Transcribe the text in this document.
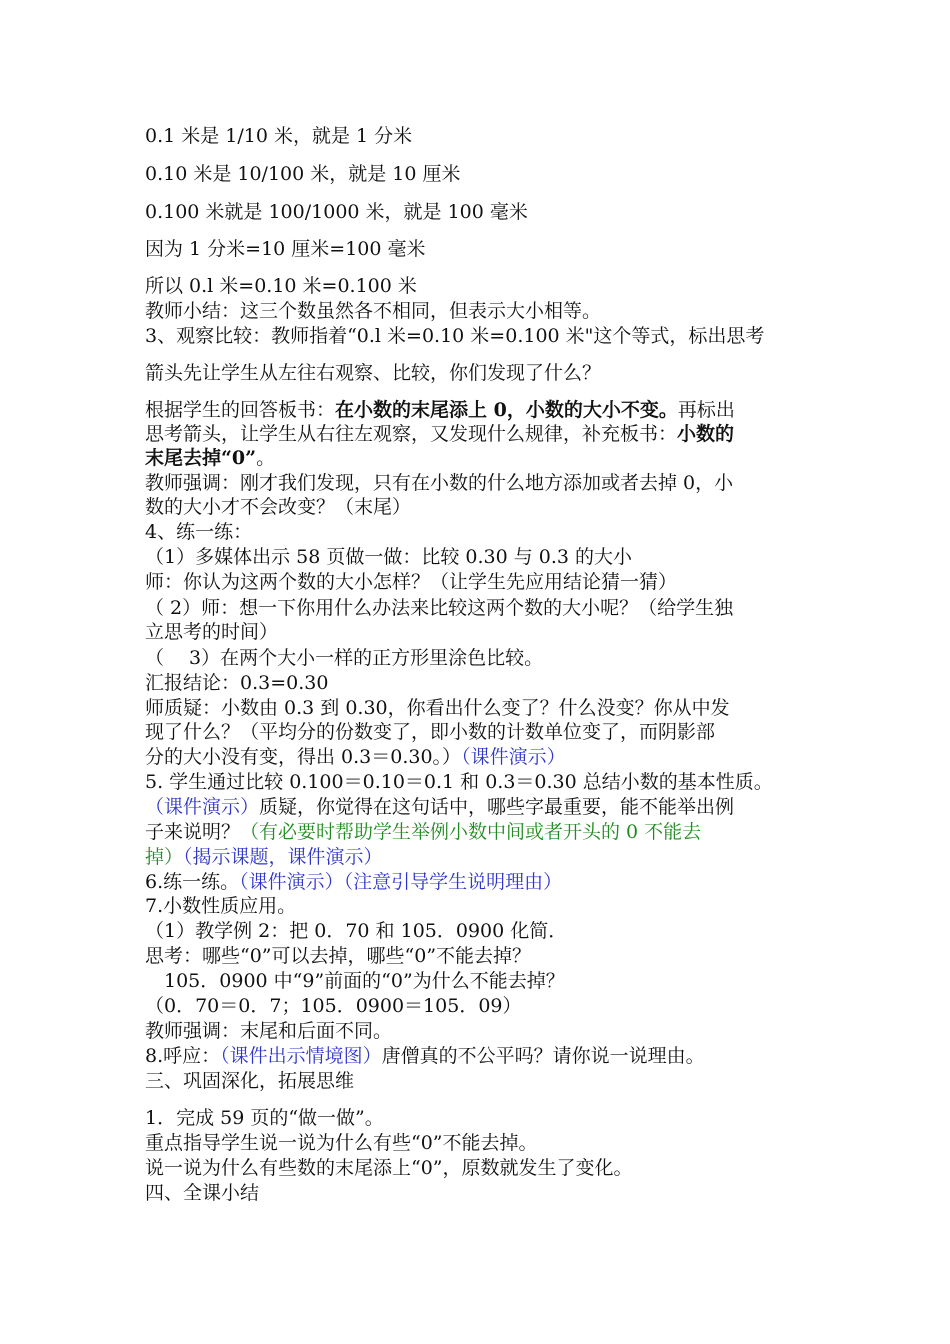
0.1 米是 1/10 米，就是 1 分米
0.10 米是 10/100 米，就是 10 厘米
0.100 米就是 100/1000 米，就是 100 毫米
因为 1 分米=10 厘米=100 毫米
所以 0.l 米=0.10 米=0.100 米
教师小结：这三个数虽然各不相同，但表示大小相等。
3、观察比较：教师指着“0.l 米=0.10 米=0.100 米"这个等式，标出思考
箭头先让学生从左往右观察、比较，你们发现了什么？
根据学生的回答板书：在小数的末尾添上 0，小数的大小不变。再标出
思考箭头，让学生从右往左观察，又发现什么规律，补充板书：小数的
末尾去掉“0”。
教师强调：刚才我们发现，只有在小数的什么地方添加或者去掉 0，小
数的大小才不会改变？（末尾）
4、练一练：
（1）多媒体出示 58 页做一做：比较 0.30 与 0.3 的大小
师：你认为这两个数的大小怎样？（让学生先应用结论猜一猜）
（ 2）师：想一下你用什么办法来比较这两个数的大小呢？（给学生独
立思考的时间）
（　 3）在两个大小一样的正方形里涂色比较。
汇报结论：0.3=0.30
师质疑：小数由 0.3 到 0.30，你看出什么变了？什么没变？你从中发
现了什么？（平均分的份数变了，即小数的计数单位变了，而阴影部
分的大小没有变，得出 0.3＝0.30。）（课件演示）
5. 学生通过比较 0.100＝0.10＝0.1 和 0.3＝0.30 总结小数的基本性质。
（课件演示）质疑，你觉得在这句话中，哪些字最重要，能不能举出例
子来说明？（有必要时帮助学生举例小数中间或者开头的 0 不能去
掉）（揭示课题，课件演示）
6.练一练。（课件演示）（注意引导学生说明理由）
7.小数性质应用。
（1）教学例 2：把 0．70 和 105．0900 化简．
思考：哪些“0”可以去掉，哪些“0”不能去掉？
　105．0900 中“9”前面的“0”为什么不能去掉？
（0．70＝0．7；105．0900＝105．09）
教师强调：末尾和后面不同。
8.呼应：（课件出示情境图）唐僧真的不公平吗？请你说一说理由。
三、巩固深化，拓展思维
1．完成 59 页的“做一做”。
重点指导学生说一说为什么有些“0”不能去掉。
说一说为什么有些数的末尾添上“0”，原数就发生了变化。
四、全课小结
